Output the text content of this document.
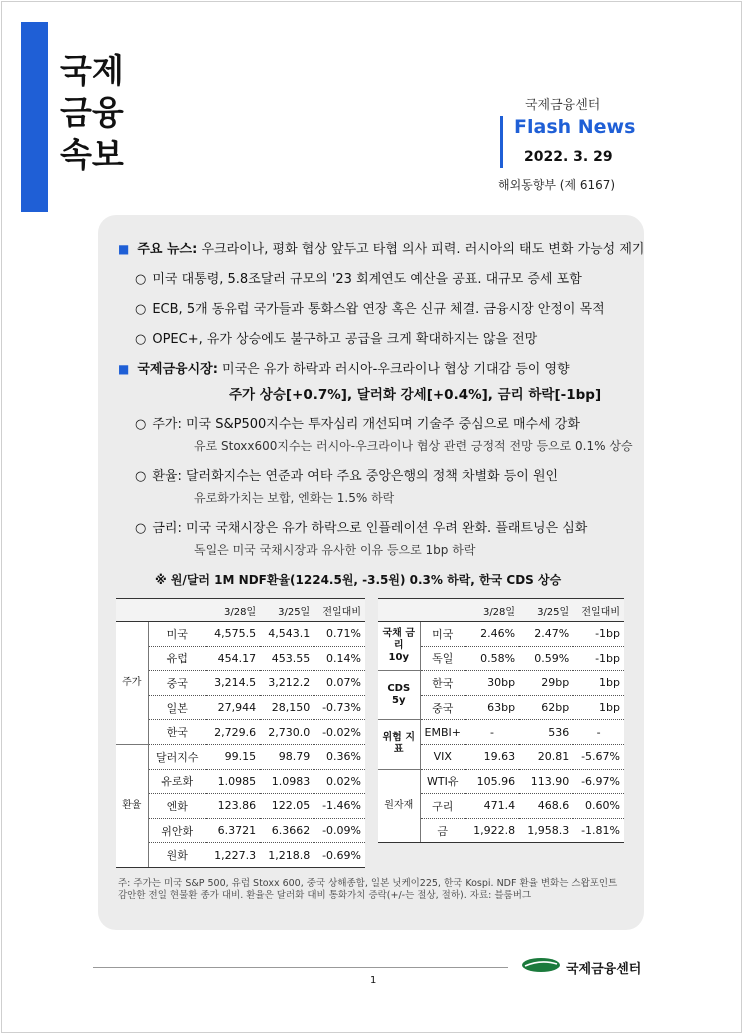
국제
금융
속보
국제금융센터
Flash News
2022. 3. 29
해외동향부 (제 6167)
■ 주요 뉴스: 우크라이나, 평화 협상 앞두고 타협 의사 피력. 러시아의 태도 변화 가능성 제기
○ 미국 대통령, 5.8조달러 규모의 '23 회계연도 예산을 공표. 대규모 증세 포함
○ ECB, 5개 동유럽 국가들과 통화스왑 연장 혹은 신규 체결. 금융시장 안정이 목적
○ OPEC+, 유가 상승에도 불구하고 공급을 크게 확대하지는 않을 전망
■ 국제금융시장: 미국은 유가 하락과 러시아-우크라이나 협상 기대감 등이 영향
주가 상승[+0.7%], 달러화 강세[+0.4%], 금리 하락[-1bp]
○ 주가: 미국 S&P500지수는 투자심리 개선되며 기술주 중심으로 매수세 강화
유로 Stoxx600지수는 러시아-우크라이나 협상 관련 긍정적 전망 등으로 0.1% 상승
○ 환율: 달러화지수는 연준과 여타 주요 중앙은행의 정책 차별화 등이 원인
유로화가치는 보합, 엔화는 1.5% 하락
○ 금리: 미국 국채시장은 유가 하락으로 인플레이션 우려 완화. 플래트닝은 심화
독일은 미국 국채시장과 유사한 이유 등으로 1bp 하락
※ 원/달러 1M NDF환율(1224.5원, -3.5원) 0.3% 하락, 한국 CDS 상승
		3/28일	3/25일	전일대비
주가	미국	4,575.5	4,543.1	0.71%
	유럽	454.17	453.55	0.14%
	중국	3,214.5	3,212.2	0.07%
	일본	27,944	28,150	-0.73%
	한국	2,729.6	2,730.0	-0.02%
환율	달러지수	99.15	98.79	0.36%
	유로화	1.0985	1.0983	0.02%
	엔화	123.86	122.05	-1.46%
	위안화	6.3721	6.3662	-0.09%
	원화	1,227.3	1,218.8	-0.69%
		3/28일	3/25일	전일대비
국채 금리 10y	미국	2.46%	2.47%	-1bp
	독일	0.58%	0.59%	-1bp
CDS 5y	한국	30bp	29bp	1bp
	중국	63bp	62bp	1bp
위험 지표	EMBI+	-	536	-
	VIX	19.63	20.81	-5.67%
원자재	WTI유	105.96	113.90	-6.97%
	구리	471.4	468.6	0.60%
	금	1,922.8	1,958.3	-1.81%
주: 주가는 미국 S&P 500, 유럽 Stoxx 600, 중국 상해종합, 일본 닛케이225, 한국 Kospi. NDF 환율 변화는 스왑포인트 감안한 전일 현물환 종가 대비. 환율은 달러화 대비 통화가치 증락(+/-는 절상, 절하). 자료: 블룸버그
1
국제금융센터
